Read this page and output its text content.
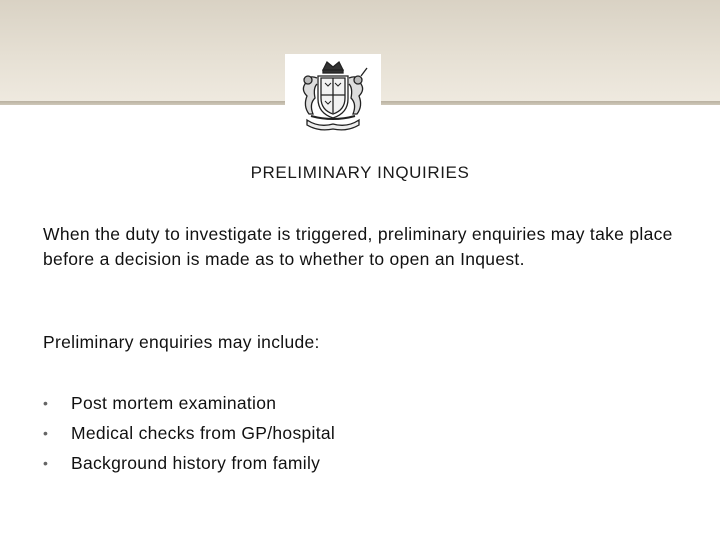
PRELIMINARY INQUIRIES

When the duty to investigate is triggered, preliminary enquiries may take place before a decision is made as to whether to open an Inquest.

Preliminary enquiries may include:
• Post mortem examination
• Medical checks from GP/hospital
• Background history from family
